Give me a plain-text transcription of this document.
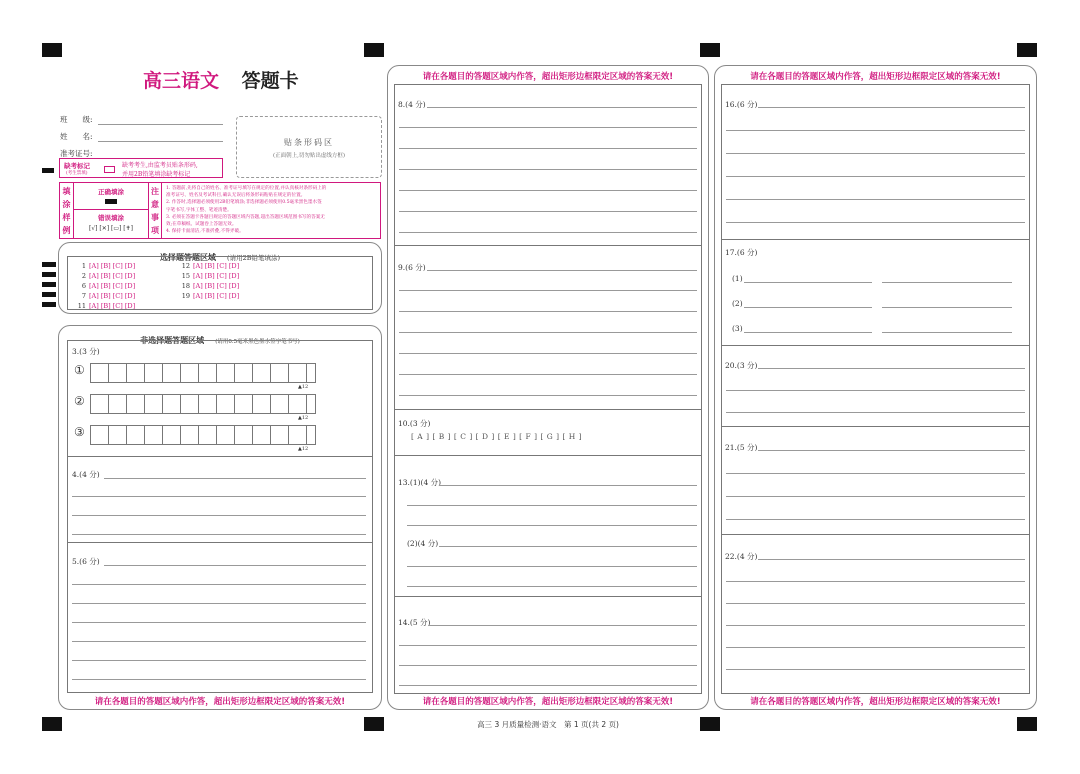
高三语文 答题卡
班　　级:
姓　　名:
准考证号:
贴条形码区
(正面朝上,切勿贴出虚线方框)
缺考标记
(考生禁填)
缺考考生,由监考员贴条形码,
并用2B铅笔填涂缺考标记
填
涂
样
例
正确填涂
错误填涂
[√] [✕] [▭] [✝]
注
意
事
项
1. 答题前,先将自己的姓名、准考证号填写在规定的位置,并认真核对条形码上的
准考证号、姓名及考试科目,确认无误后将条形码粘贴在规定的位置。
2. 作答时,选择题必须使用2B铅笔填涂;非选择题必须使用0.5毫米黑色墨水签
字笔书写,字体工整、笔迹清楚。
3. 必须在答题卡各题目规定的答题区域内答题,超出答题区域范围书写的答案无
效;在草稿纸、试题卷上答题无效。
4. 保持卡面清洁,不准折叠,不得弄破。
选择题答题区域 (请用2B铅笔填涂)
1 [A] [B] [C] [D]
2 [A] [B] [C] [D]
6 [A] [B] [C] [D]
7 [A] [B] [C] [D]
11 [A] [B] [C] [D]
12 [A] [B] [C] [D]
15 [A] [B] [C] [D]
18 [A] [B] [C] [D]
19 [A] [B] [C] [D]
非选择题答题区域 (请用0.5毫米黑色墨水签字笔书写)
3.(3 分)
①
▲12
②
▲12
③
▲12
4.(4 分)
5.(6 分)
请在各题目的答题区域内作答，超出矩形边框限定区域的答案无效!
请在各题目的答题区域内作答，超出矩形边框限定区域的答案无效!
8.(4 分)
9.(6 分)
10.(3 分)
[ A ] [ B ] [ C ] [ D ] [ E ] [ F ] [ G ] [ H ]
13.(1)(4 分)
(2)(4 分)
14.(5 分)
请在各题目的答题区域内作答，超出矩形边框限定区域的答案无效!
请在各题目的答题区域内作答，超出矩形边框限定区域的答案无效!
16.(6 分)
17.(6 分)
(1)
(2)
(3)
20.(3 分)
21.(5 分)
22.(4 分)
请在各题目的答题区域内作答，超出矩形边框限定区域的答案无效!
高三 3 月质量检测·语文　第 1 页(共 2 页)
